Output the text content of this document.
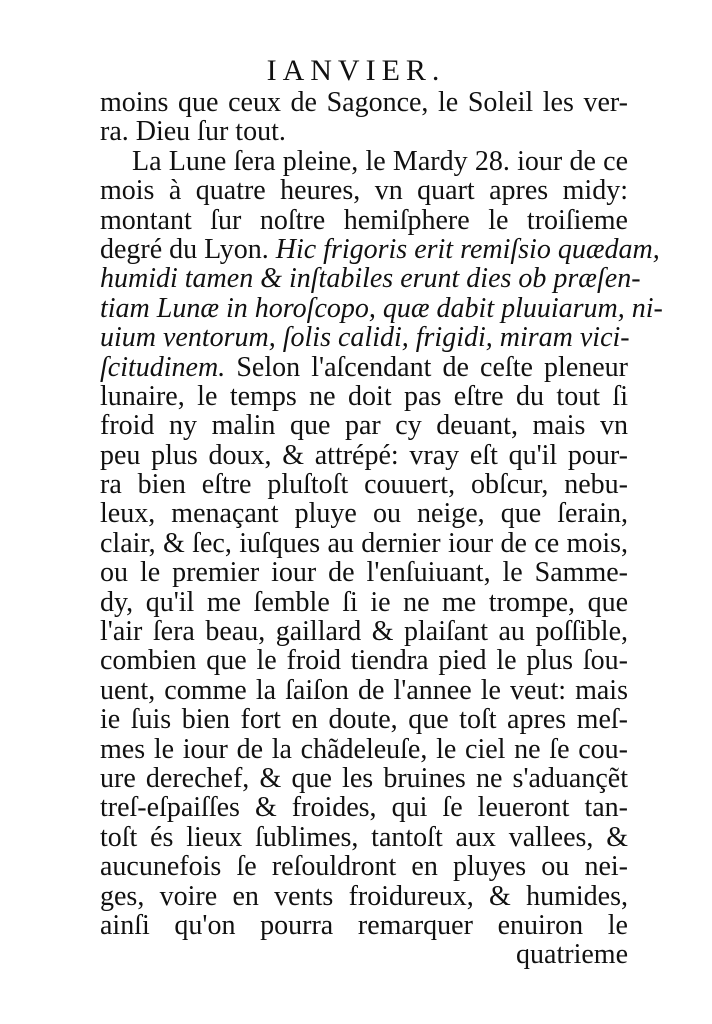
IANVIER.
moins que ceux de Sagonce, le Soleil les ver-
ra. Dieu ſur tout.
La Lune ſera pleine, le Mardy 28. iour de ce
mois à quatre heures, vn quart apres midy:
montant ſur noſtre hemiſphere le troiſieme
degré du Lyon. Hic frigoris erit remiſsio quædam,
humidi tamen & inſtabiles erunt dies ob præſen-
tiam Lunæ in horoſcopo, quæ dabit pluuiarum, ni-
uium ventorum, ſolis calidi, frigidi, miram vici-
ſcitudinem. Selon l'aſcendant de ceſte pleneur
lunaire, le temps ne doit pas eſtre du tout ſi
froid ny malin que par cy deuant, mais vn
peu plus doux, & attrépé: vray eſt qu'il pour-
ra bien eſtre pluſtoſt couuert, obſcur, nebu-
leux, menaçant pluye ou neige, que ſerain,
clair, & ſec, iuſques au dernier iour de ce mois,
ou le premier iour de l'enſuiuant, le Samme-
dy, qu'il me ſemble ſi ie ne me trompe, que
l'air ſera beau, gaillard & plaiſant au poſſible,
combien que le froid tiendra pied le plus ſou-
uent, comme la ſaiſon de l'annee le veut: mais
ie ſuis bien fort en doute, que toſt apres meſ-
mes le iour de la chãdeleuſe, le ciel ne ſe cou-
ure derechef, & que les bruines ne s'aduançẽt
treſ-eſpaiſſes & froides, qui ſe leueront tan-
toſt és lieux ſublimes, tantoſt aux vallees, &
aucunefois ſe reſouldront en pluyes ou nei-
ges, voire en vents froidureux, & humides,
ainſi qu'on pourra remarquer enuiron le
quatrieme
